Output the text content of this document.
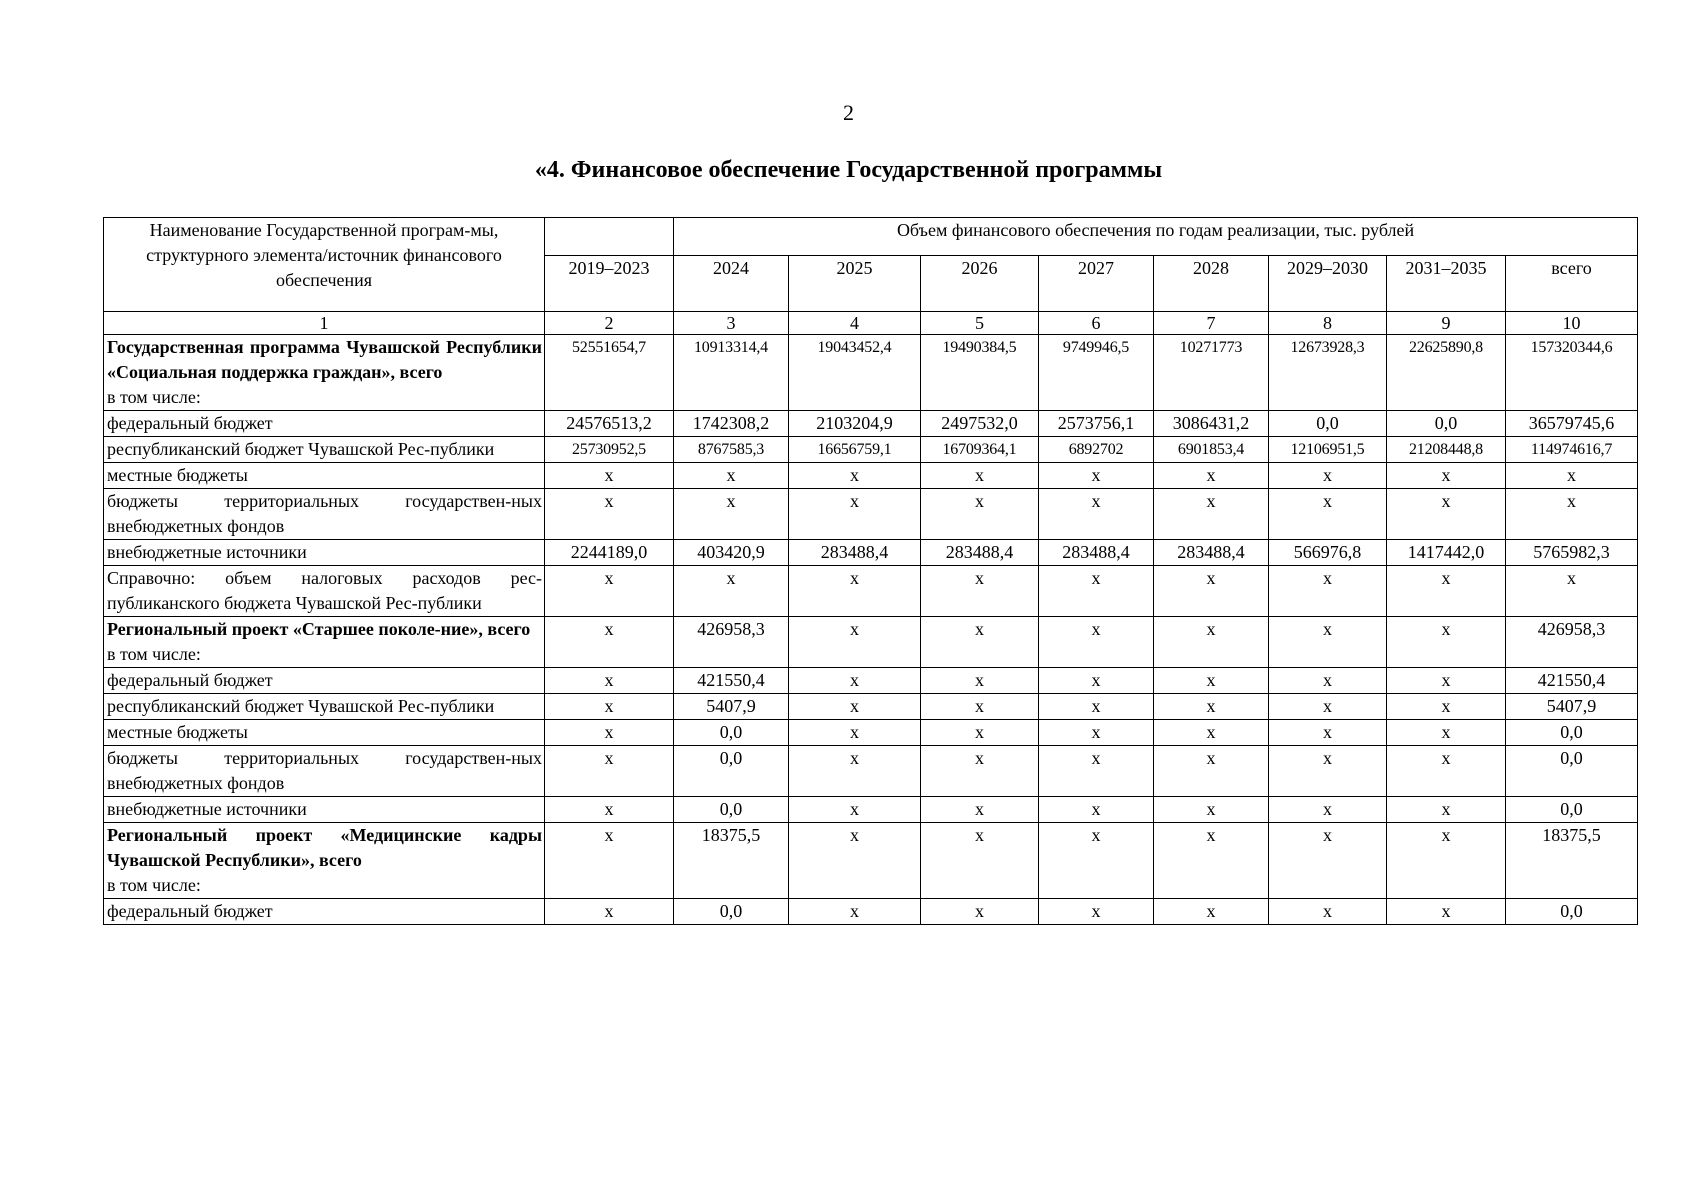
2
«4. Финансовое обеспечение Государственной программы
Наименование Государственной програм-мы, структурного элемента/источник финансового обеспечения		Объем финансового обеспечения по годам реализации, тыс. рублей							
	2019–2023	2024	2025	2026	2027	2028	2029–2030	2031–2035	всего
1	2	3	4	5	6	7	8	9	10

Государственная программа Чувашской Республики «Социальная поддержка граждан», всего
в том числе:	52551654,7	10913314,4	19043452,4	19490384,5	9749946,5	10271773	12673928,3	22625890,8	157320344,6
федеральный бюджет	24576513,2	1742308,2	2103204,9	2497532,0	2573756,1	3086431,2	0,0	0,0	36579745,6
республиканский бюджет Чувашской Рес-публики	25730952,5	8767585,3	16656759,1	16709364,1	6892702	6901853,4	12106951,5	21208448,8	114974616,7
местные бюджеты	х	х	х	х	х	х	х	х	х
бюджеты территориальных государствен-ных внебюджетных фондов	х	х	х	х	х	х	х	х	х
внебюджетные источники	2244189,0	403420,9	283488,4	283488,4	283488,4	283488,4	566976,8	1417442,0	5765982,3
Справочно: объем налоговых расходов рес-публиканского бюджета Чувашской Рес-публики	х	х	х	х	х	х	х	х	х

Региональный проект «Старшее поколе-ние», всего
в том числе:	х	426958,3	х	х	х	х	х	х	426958,3
федеральный бюджет	х	421550,4	х	х	х	х	х	х	421550,4
республиканский бюджет Чувашской Рес-публики	х	5407,9	х	х	х	х	х	х	5407,9
местные бюджеты	х	0,0	х	х	х	х	х	х	0,0
бюджеты территориальных государствен-ных внебюджетных фондов	х	0,0	х	х	х	х	х	х	0,0
внебюджетные источники	х	0,0	х	х	х	х	х	х	0,0

Региональный проект «Медицинские кадры Чувашской Республики», всего
в том числе:	х	18375,5	х	х	х	х	х	х	18375,5
федеральный бюджет	х	0,0	х	х	х	х	х	х	0,0
